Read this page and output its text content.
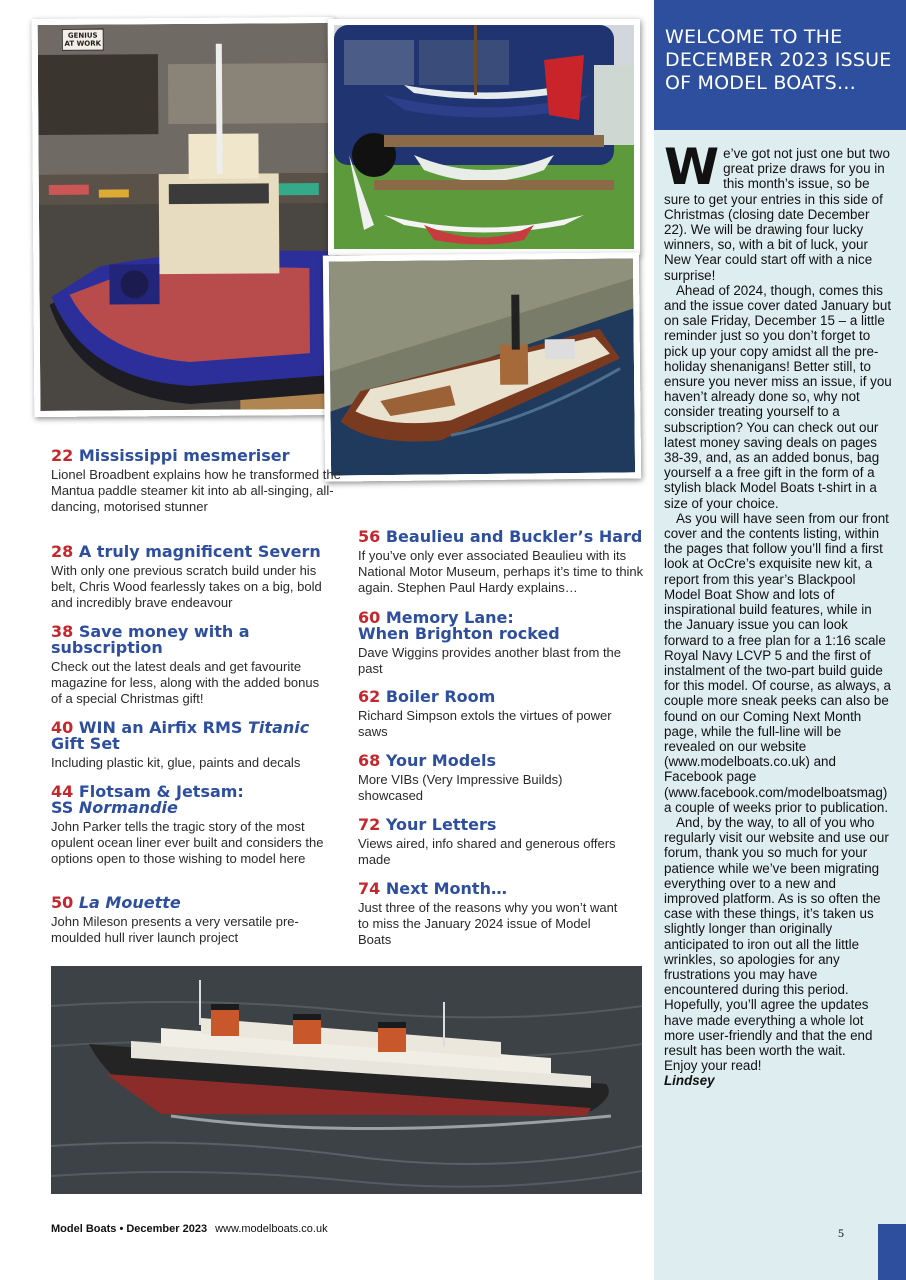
GENIUS AT WORK
22 Mississippi mesmeriser
Lionel Broadbent explains how he transformed the Mantua paddle steamer kit into ab all-singing, all-dancing, motorised stunner
28 A truly magnificent Severn
With only one previous scratch build under his belt, Chris Wood fearlessly takes on a big, bold and incredibly brave endeavour
38 Save money with a
subscription
Check out the latest deals and get favourite magazine for less, along with the added bonus of a special Christmas gift!
40 WIN an Airfix RMS Titanic
Gift Set
Including plastic kit, glue, paints and decals
44 Flotsam & Jetsam:
SS Normandie
John Parker tells the tragic story of the most opulent ocean liner ever built and considers the options open to those wishing to model here
50 La Mouette
John Mileson presents a very versatile pre-moulded hull river launch project
56 Beaulieu and Buckler’s Hard
If you’ve only ever associated Beaulieu with its National Motor Museum, perhaps it’s time to think again. Stephen Paul Hardy explains…
60 Memory Lane:
When Brighton rocked
Dave Wiggins provides another blast from the past
62 Boiler Room
Richard Simpson extols the virtues of power saws
68 Your Models
More VIBs (Very Impressive Builds) showcased
72 Your Letters
Views aired, info shared and generous offers made
74 Next Month…
Just three of the reasons why you won’t want to miss the January 2024 issue of Model Boats
WELCOME TO THE DECEMBER 2023 ISSUE OF MODEL BOATS…

We’ve got not just one but two great prize draws for you in this month’s issue, so be sure to get your entries in this side of Christmas (closing date December 22). We will be drawing four lucky winners, so, with a bit of luck, your New Year could start off with a nice surprise!

Ahead of 2024, though, comes this and the issue cover dated January but on sale Friday, December 15 – a little reminder just so you don’t forget to pick up your copy amidst all the pre-holiday shenanigans! Better still, to ensure you never miss an issue, if you haven’t already done so, why not consider treating yourself to a subscription? You can check out our latest money saving deals on pages 38-39, and, as an added bonus, bag yourself a a free gift in the form of a stylish black Model Boats t-shirt in a size of your choice.

As you will have seen from our front cover and the contents listing, within the pages that follow you’ll find a first look at OcCre’s exquisite new kit, a report from this year’s Blackpool Model Boat Show and lots of inspirational build features, while in the January issue you can look forward to a free plan for a 1:16 scale Royal Navy LCVP 5 and the first of instalment of the two-part build guide for this model. Of course, as always, a couple more sneak peeks can also be found on our Coming Next Month page, while the full-line will be revealed on our website (www.modelboats.co.uk) and Facebook page (www.facebook.com/modelboatsmag) a couple of weeks prior to publication.

And, by the way, to all of you who regularly visit our website and use our forum, thank you so much for your patience while we’ve been migrating everything over to a new and improved platform. As is so often the case with these things, it’s taken us slightly longer than originally anticipated to iron out all the little wrinkles, so apologies for any frustrations you may have encountered during this period. Hopefully, you’ll agree the updates have made everything a whole lot more user-friendly and that the end result has been worth the wait.

Enjoy your read!

Lindsey

Model Boats • December 2023 www.modelboats.co.uk	5
